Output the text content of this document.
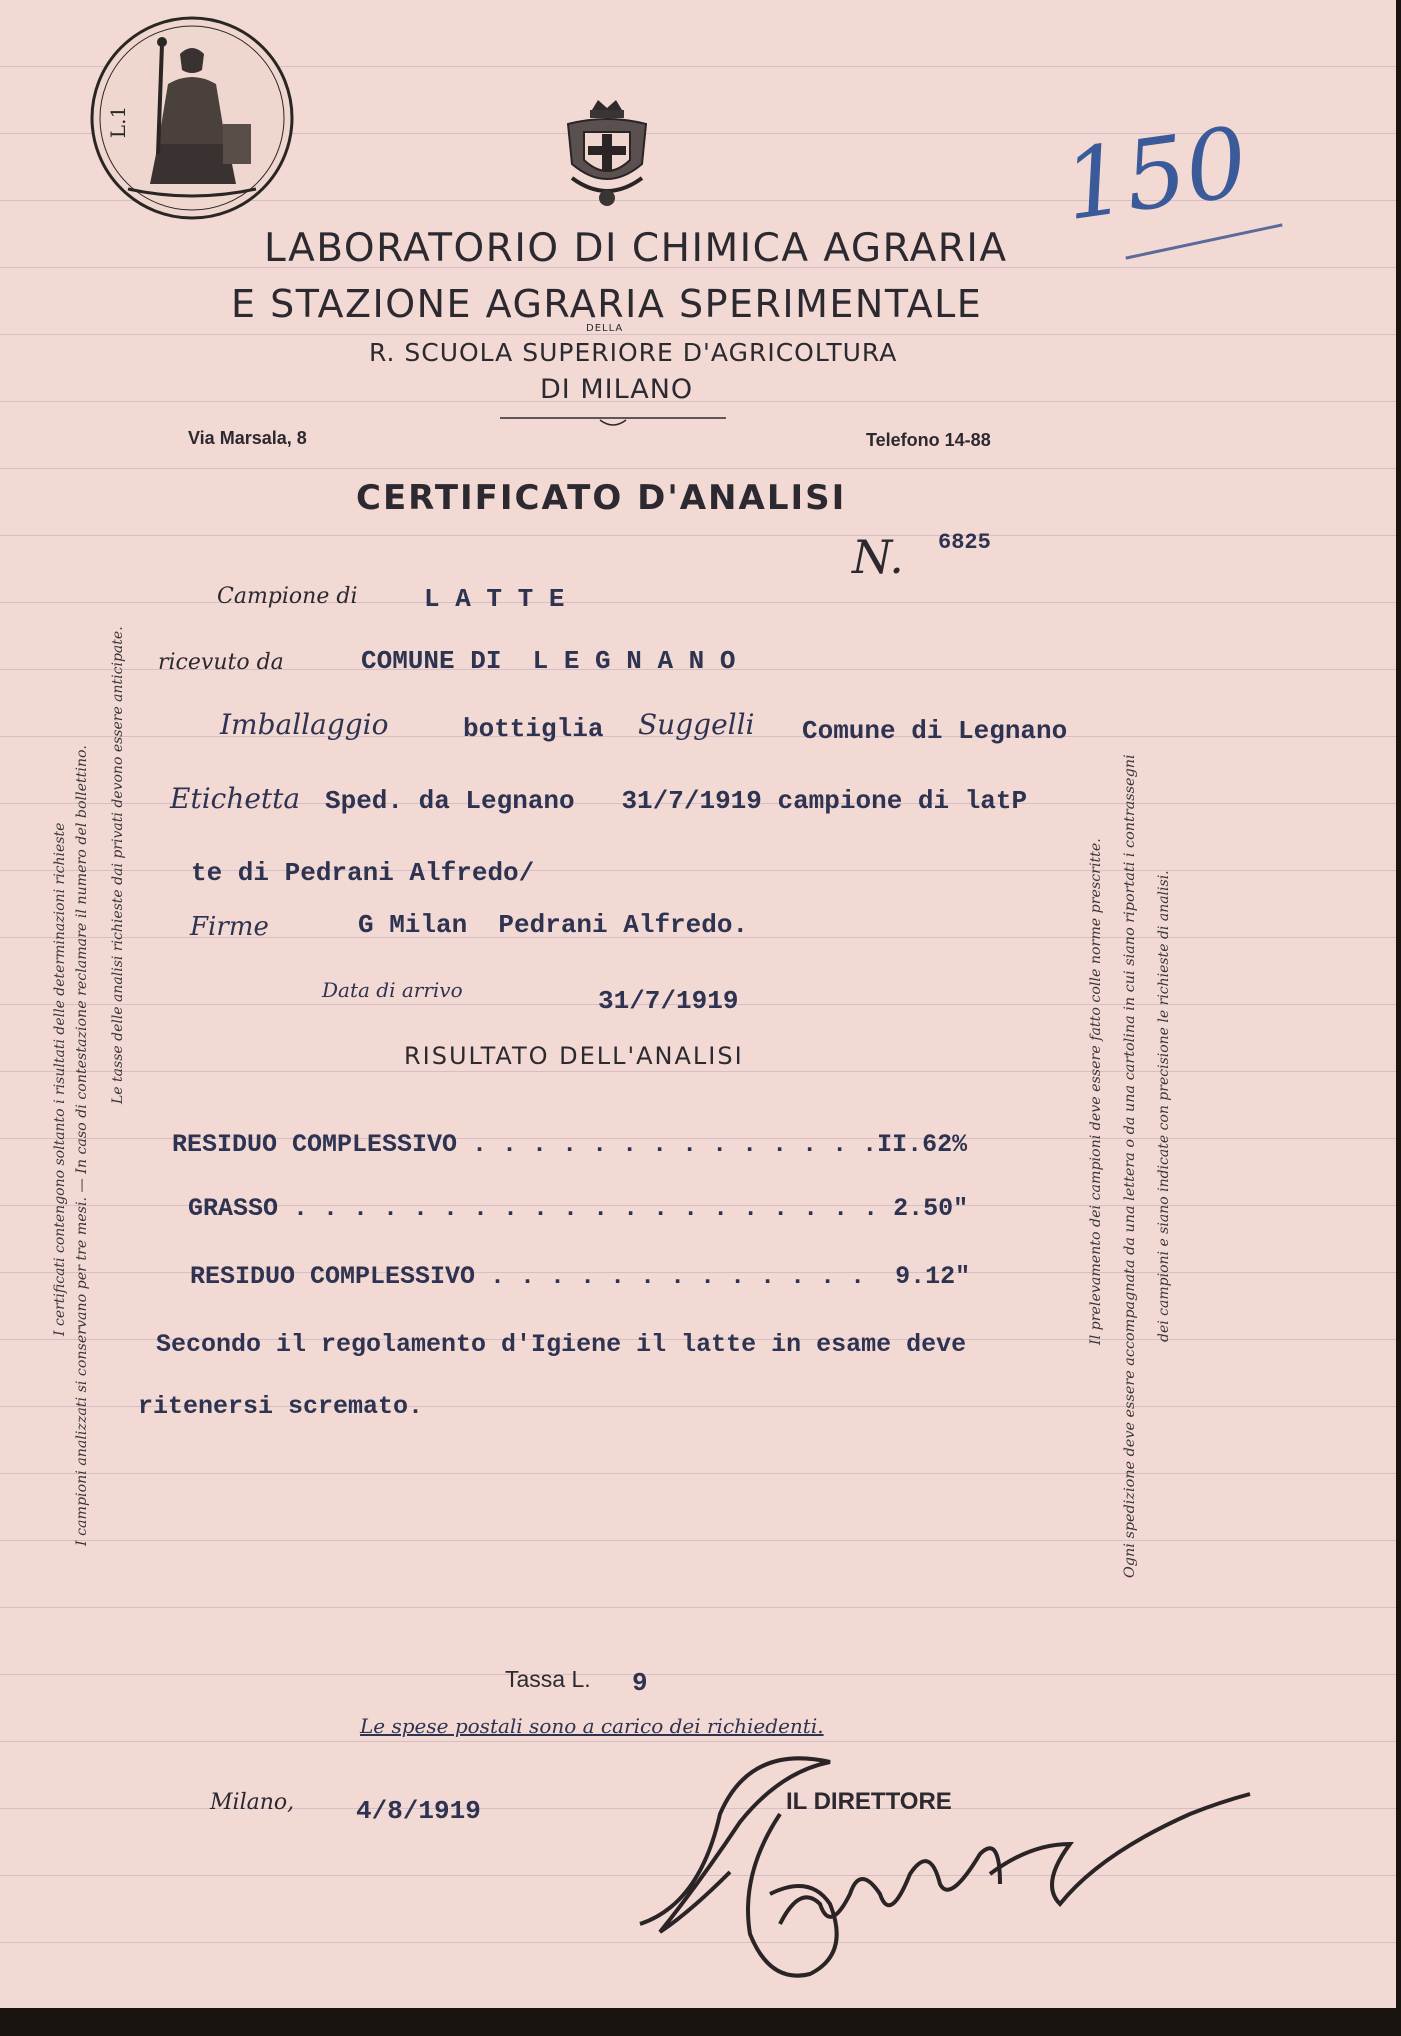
L.1
LABORATORIO DI CHIMICA AGRARIA
E STAZIONE AGRARIA SPERIMENTALE
DELLA
R. SCUOLA SUPERIORE D'AGRICOLTURA
DI MILANO
Via Marsala, 8	Telefono 14-88
150
CERTIFICATO D'ANALISI
N. 6825
Campione di	L A T T E
ricevuto da	COMUNE DI  L E G N A N O
Imballaggio	bottiglia Suggelli Comune di Legnano
Etichetta Sped. da Legnano   31/7/1919 campione di latP
te di Pedrani Alfredo/
Firme	G Milan  Pedrani Alfredo.
Data di arrivo	31/7/1919
RISULTATO DELL'ANALISI
RESIDUO COMPLESSIVO . . . . . . . . . . . . . .II.62%
GRASSO . . . . . . . . . . . . . . . . . . . . 2.50"
RESIDUO COMPLESSIVO . . . . . . . . . . . . .  9.12"
Secondo il regolamento d'Igiene il latte in esame deve
ritenersi scremato.
Tassa L. 9
Le spese postali sono a carico dei richiedenti.
Milano, 4/8/1919	IL DIRETTORE
I certificati contengono soltanto i risultati delle determinazioni richieste I campioni analizzati si conservano per tre mesi. — In caso di contestazione reclamare il numero del bollettino. Le tasse delle analisi richieste dai privati devono essere anticipate.	Il prelevamento dei campioni deve essere fatto colle norme prescritte. Ogni spedizione deve essere accompagnata da una lettera o da una cartolina in cui siano riportati i contrassegni dei campioni e siano indicate con precisione le richieste di analisi.
